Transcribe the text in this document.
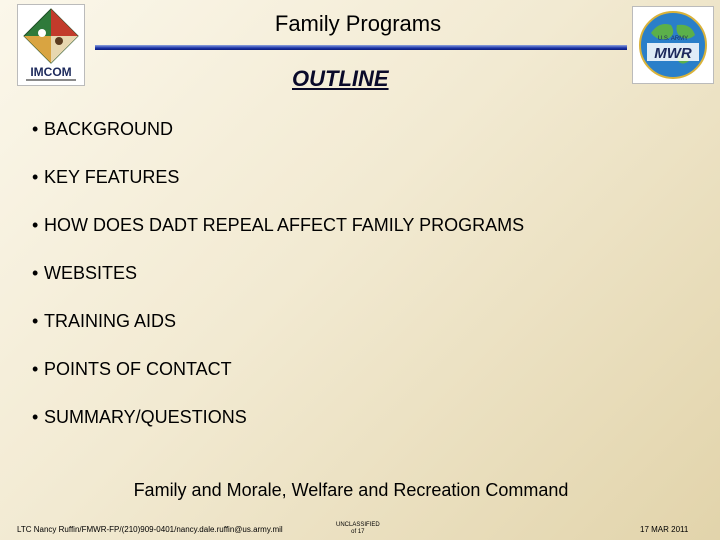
IMCOM
Family Programs
U.S. ARMY
MWR
OUTLINE
• BACKGROUND
• KEY FEATURES
• HOW DOES DADT REPEAL AFFECT FAMILY PROGRAMS
• WEBSITES
• TRAINING AIDS
• POINTS OF CONTACT
• SUMMARY/QUESTIONS
Family and Morale, Welfare and Recreation Command
LTC Nancy Ruffin/FMWR-FP/(210)909-0401/nancy.dale.ruffin@us.army.mil	UNCLASSIFIED
of 17	17 MAR 2011
